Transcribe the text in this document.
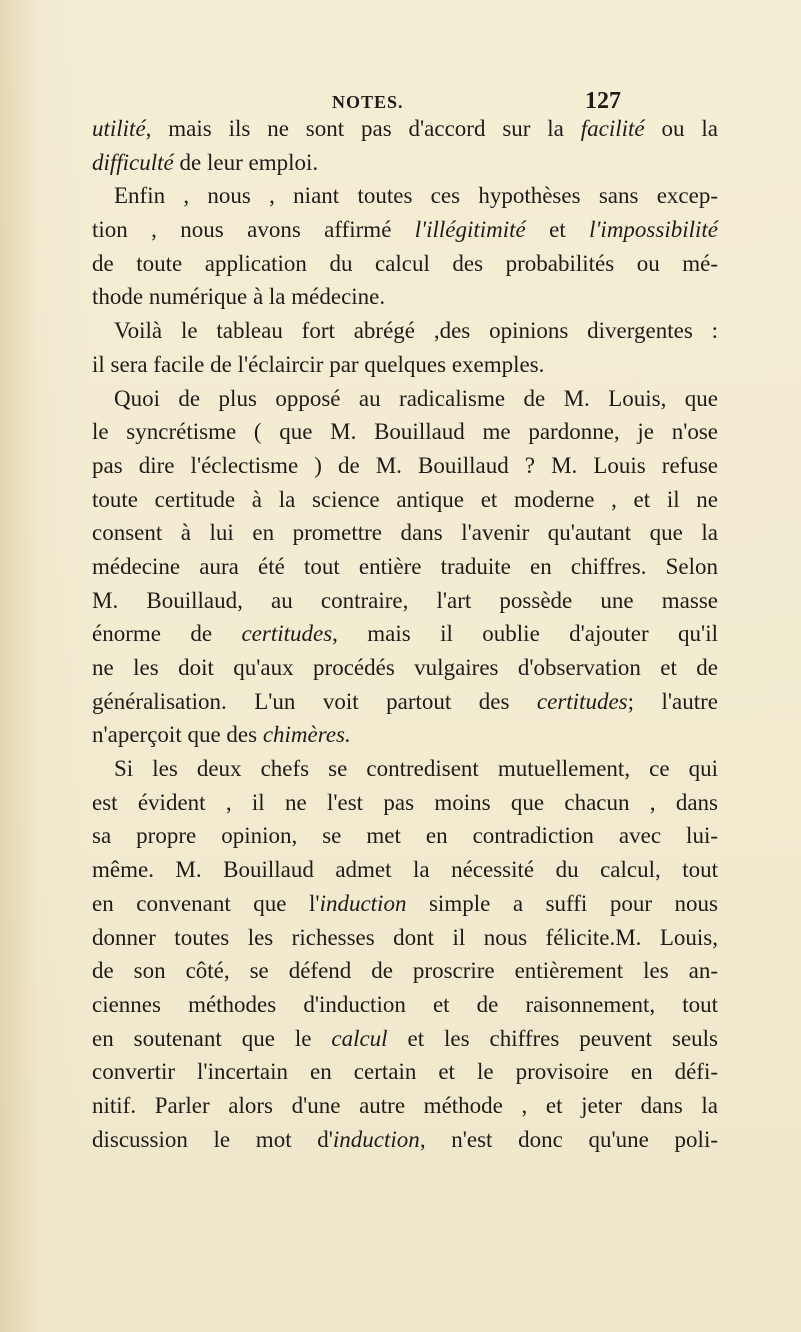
NOTES.	127
utilité, mais ils ne sont pas d'accord sur la facilité ou la
difficulté de leur emploi.
Enfin , nous , niant toutes ces hypothèses sans excep-
tion , nous avons affirmé l'illégitimité et l'impossibilité
de toute application du calcul des probabilités ou mé-
thode numérique à la médecine.
Voilà le tableau fort abrégé ,des opinions divergentes :
il sera facile de l'éclaircir par quelques exemples.
Quoi de plus opposé au radicalisme de M. Louis, que
le syncrétisme ( que M. Bouillaud me pardonne, je n'ose
pas dire l'éclectisme ) de M. Bouillaud ? M. Louis refuse
toute certitude à la science antique et moderne , et il ne
consent à lui en promettre dans l'avenir qu'autant que la
médecine aura été tout entière traduite en chiffres. Selon
M. Bouillaud, au contraire, l'art possède une masse
énorme de certitudes, mais il oublie d'ajouter qu'il
ne les doit qu'aux procédés vulgaires d'observation et de
généralisation. L'un voit partout des certitudes; l'autre
n'aperçoit que des chimères.
Si les deux chefs se contredisent mutuellement, ce qui
est évident , il ne l'est pas moins que chacun , dans
sa propre opinion, se met en contradiction avec lui-
même. M. Bouillaud admet la nécessité du calcul, tout
en convenant que l'induction simple a suffi pour nous
donner toutes les richesses dont il nous félicite.M. Louis,
de son côté, se défend de proscrire entièrement les an-
ciennes méthodes d'induction et de raisonnement, tout
en soutenant que le calcul et les chiffres peuvent seuls
convertir l'incertain en certain et le provisoire en défi-
nitif. Parler alors d'une autre méthode , et jeter dans la
discussion le mot d'induction, n'est donc qu'une poli-
